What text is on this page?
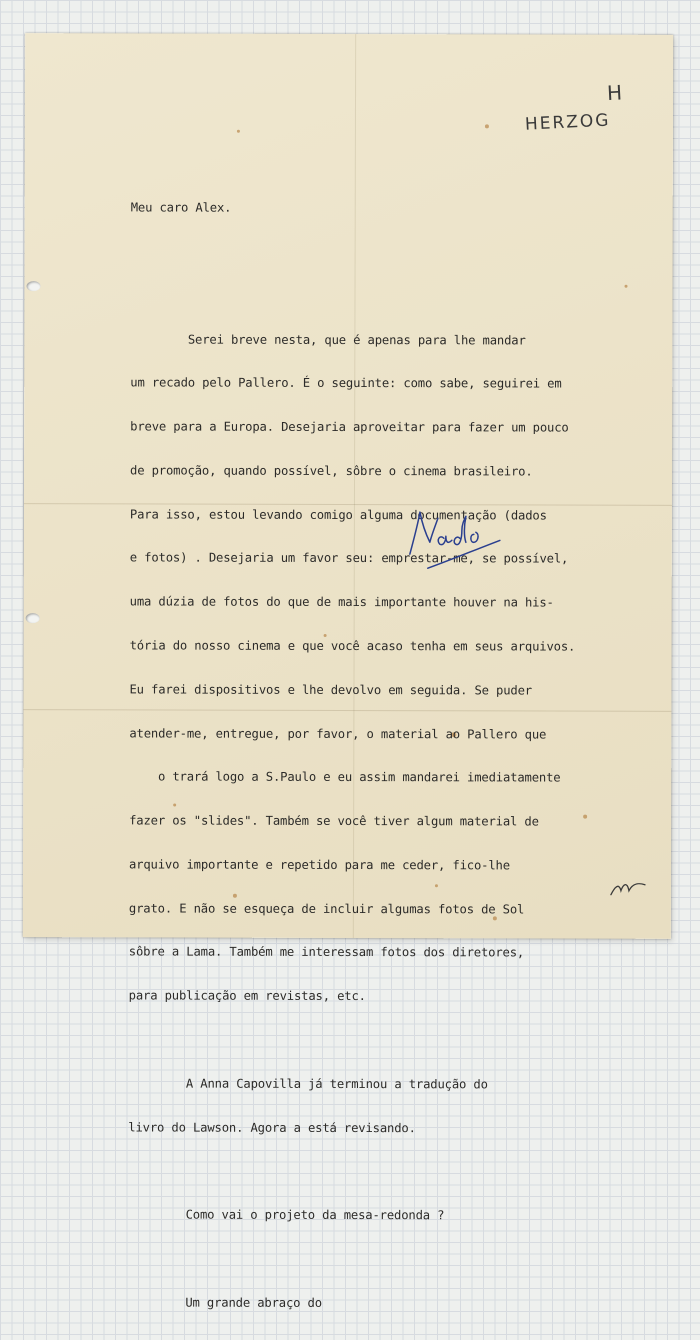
H
HERZOG

Meu caro Alex.

Serei breve nesta, que é apenas para lhe mandar

um recado pelo Pallero. É o seguinte: como sabe, seguirei em

breve para a Europa. Desejaria aproveitar para fazer um pouco

de promoção, quando possível, sôbre o cinema brasileiro.

Para isso, estou levando comigo alguma documentação (dados

e fotos) . Desejaria um favor seu: emprestar-me, se possível,

uma dúzia de fotos do que de mais importante houver na his-

tória do nosso cinema e que você acaso tenha em seus arquivos.

Eu farei dispositivos e lhe devolvo em seguida. Se puder

atender-me, entregue, por favor, o material ao Pallero que

o trará logo a S.Paulo e eu assim mandarei imediatamente

fazer os "slides". Também se você tiver algum material de

arquivo importante e repetido para me ceder, fico-lhe

grato. E não se esqueça de incluir algumas fotos de Sol

sôbre a Lama. Também me interessam fotos dos diretores,

para publicação em revistas, etc.

A Anna Capovilla já terminou a tradução do

livro do Lawson. Agora a está revisando.

Como vai o projeto da mesa-redonda ?

Um grande abraço do
